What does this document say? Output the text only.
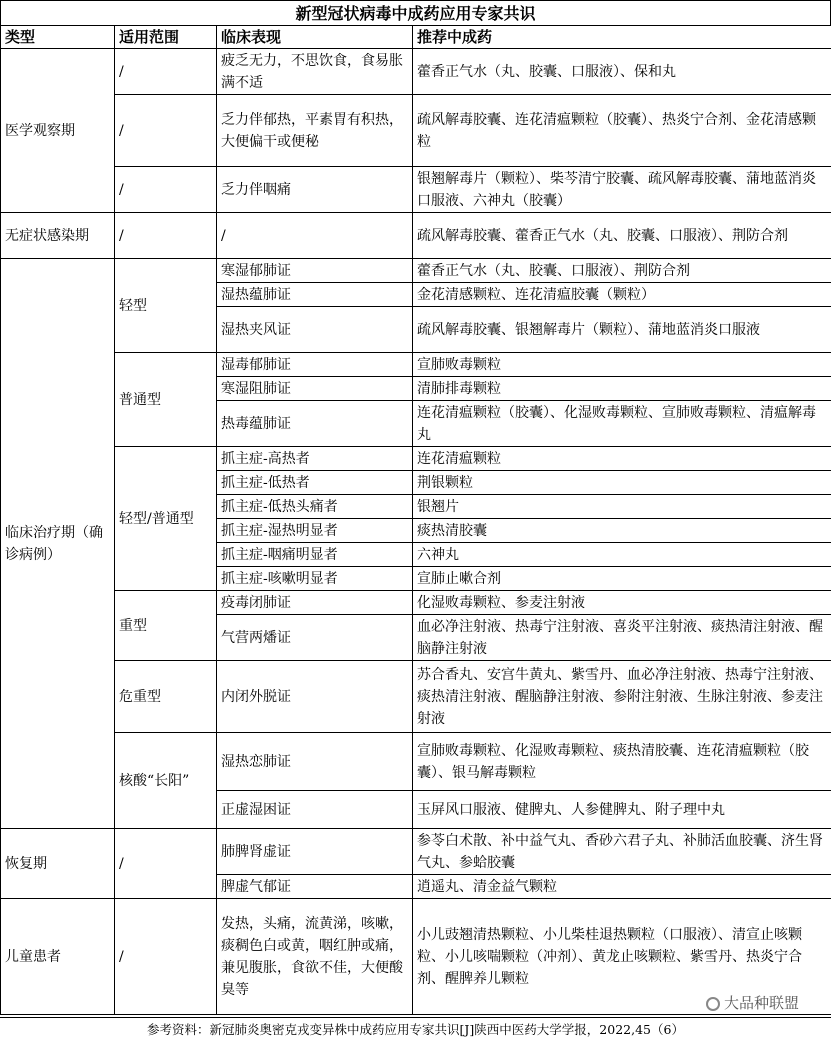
新型冠状病毒中成药应用专家共识
类型	适用范围	临床表现	推荐中成药
医学观察期	/	疲乏无力，不思饮食，食易胀满不适	藿香正气水（丸、胶囊、口服液）、保和丸
	/	乏力伴郁热，平素胃有积热，大便偏干或便秘	疏风解毒胶囊、连花清瘟颗粒（胶囊）、热炎宁合剂、金花清感颗粒
	/	乏力伴咽痛	银翘解毒片（颗粒）、柴芩清宁胶囊、疏风解毒胶囊、蒲地蓝消炎口服液、六神丸（胶囊）
无症状感染期	/	/	疏风解毒胶囊、藿香正气水（丸、胶囊、口服液）、荆防合剂
临床治疗期（确诊病例）	轻型	寒湿郁肺证	藿香正气水（丸、胶囊、口服液）、荆防合剂
		湿热蕴肺证	金花清感颗粒、连花清瘟胶囊（颗粒）
		湿热夹风证	疏风解毒胶囊、银翘解毒片（颗粒）、蒲地蓝消炎口服液
	普通型	湿毒郁肺证	宣肺败毒颗粒
		寒湿阻肺证	清肺排毒颗粒
		热毒蕴肺证	连花清瘟颗粒（胶囊）、化湿败毒颗粒、宣肺败毒颗粒、清瘟解毒丸
	轻型/普通型	抓主症-高热者	连花清瘟颗粒
		抓主症-低热者	荆银颗粒
		抓主症-低热头痛者	银翘片
		抓主症-湿热明显者	痰热清胶囊
		抓主症-咽痛明显者	六神丸
		抓主症-咳嗽明显者	宣肺止嗽合剂
	重型	疫毒闭肺证	化湿败毒颗粒、参麦注射液
		气营两燔证	血必净注射液、热毒宁注射液、喜炎平注射液、痰热清注射液、醒脑静注射液
	危重型	内闭外脱证	苏合香丸、安宫牛黄丸、紫雪丹、血必净注射液、热毒宁注射液、痰热清注射液、醒脑静注射液、参附注射液、生脉注射液、参麦注射液
	核酸“长阳”	湿热恋肺证	宣肺败毒颗粒、化湿败毒颗粒、痰热清胶囊、连花清瘟颗粒（胶囊）、银马解毒颗粒
		正虚湿困证	玉屏风口服液、健脾丸、人参健脾丸、附子理中丸
恢复期	/	肺脾肾虚证	参苓白术散、补中益气丸、香砂六君子丸、补肺活血胶囊、济生肾气丸、参蛤胶囊
		脾虚气郁证	逍遥丸、清金益气颗粒
儿童患者	/	发热，头痛，流黄涕，咳嗽，痰稠色白或黄，咽红肿或痛，兼见腹胀，食欲不佳，大便酸臭等	小儿豉翘清热颗粒、小儿柴桂退热颗粒（口服液）、清宣止咳颗粒、小儿咳喘颗粒（冲剂）、黄龙止咳颗粒、紫雪丹、热炎宁合剂、醒脾养儿颗粒
大品种联盟
参考资料：新冠肺炎奥密克戎变异株中成药应用专家共识[J]陕西中医药大学学报，2022,45（6）
